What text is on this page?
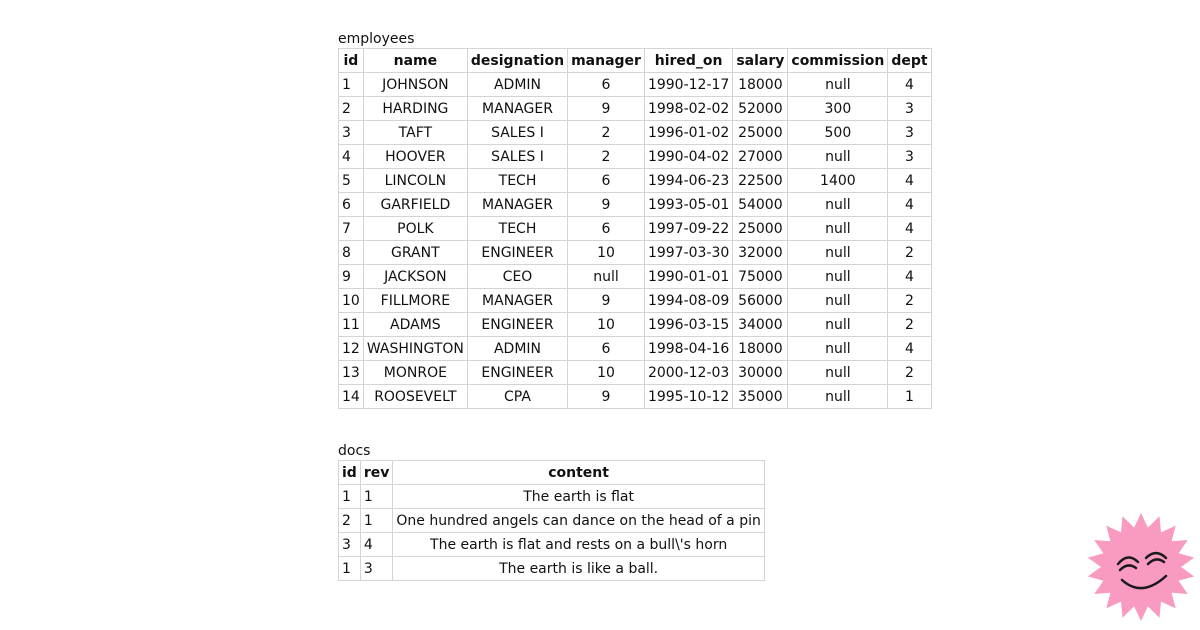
employees
id	name	designation	manager	hired_on	salary	commission	dept
1	JOHNSON	ADMIN	6	1990-12-17	18000	null	4
2	HARDING	MANAGER	9	1998-02-02	52000	300	3
3	TAFT	SALES I	2	1996-01-02	25000	500	3
4	HOOVER	SALES I	2	1990-04-02	27000	null	3
5	LINCOLN	TECH	6	1994-06-23	22500	1400	4
6	GARFIELD	MANAGER	9	1993-05-01	54000	null	4
7	POLK	TECH	6	1997-09-22	25000	null	4
8	GRANT	ENGINEER	10	1997-03-30	32000	null	2
9	JACKSON	CEO	null	1990-01-01	75000	null	4
10	FILLMORE	MANAGER	9	1994-08-09	56000	null	2
11	ADAMS	ENGINEER	10	1996-03-15	34000	null	2
12	WASHINGTON	ADMIN	6	1998-04-16	18000	null	4
13	MONROE	ENGINEER	10	2000-12-03	30000	null	2
14	ROOSEVELT	CPA	9	1995-10-12	35000	null	1
docs
id	rev	content
1	1	The earth is flat
2	1	One hundred angels can dance on the head of a pin
3	4	The earth is flat and rests on a bull\'s horn
1	3	The earth is like a ball.
